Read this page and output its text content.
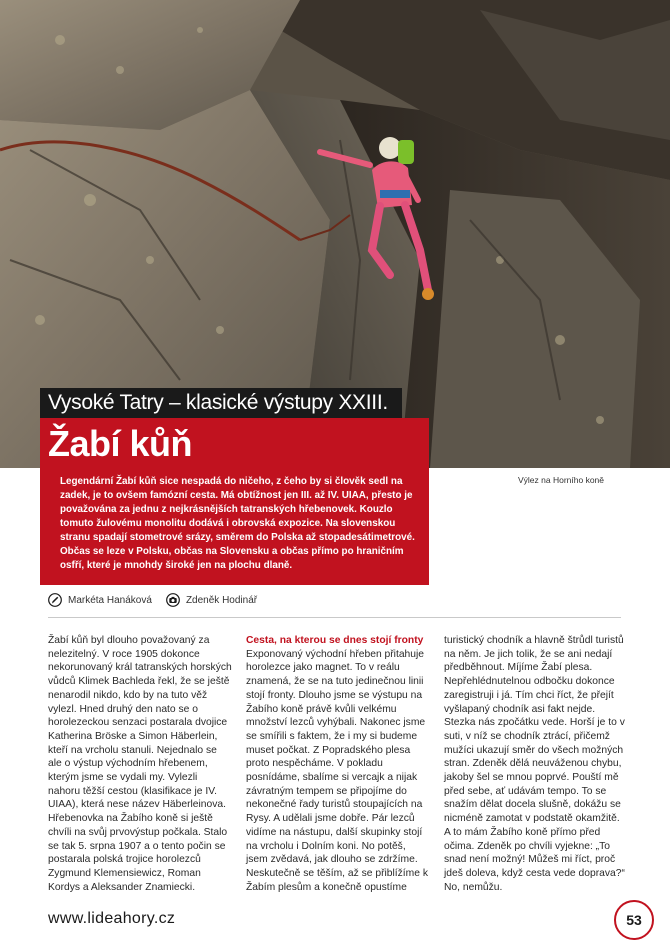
Vysoké Tatry – klasické výstupy XXIII.
Žabí kůň

Legendární Žabí kůň sice nespadá do ničeho, z čeho by si člověk sedl na zadek, je to ovšem famózní cesta. Má obtížnost jen III. až IV. UIAA, přesto je považována za jednu z nejkrásnějších tatranských hřebenovek. Kouzlo tomuto žulovému monolitu dodává i obrovská expozice. Na slovenskou stranu spadají stometrové srázy, směrem do Polska až stopadesátimetrové. Občas se leze v Polsku, občas na Slovensku a občas přímo po hraničním osfří, které je mnohdy široké jen na plochu dlaně.

Výlez na Horního koně
Markéta Hanáková	Zdeněk Hodinář

Žabí kůň byl dlouho považovaný za nelezitelný. V roce 1905 dokonce nekorunovaný král tatranských horských vůdců Klimek Bachleda řekl, že se ještě nenarodil nikdo, kdo by na tuto věž vylezl. Hned druhý den nato se o horolezeckou senzaci postarala dvojice Katherina Bröske a Simon Häberlein, kteří na vrcholu stanuli. Nejednalo se ale o výstup východním hřebenem, kterým jsme se vydali my. Vylezli nahoru těžší cestou (klasifikace je IV. UIAA), která nese název Häberleinova. Hřebenovka na Žabího koně si ještě chvíli na svůj prvovýstup počkala. Stalo se tak 5. srpna 1907 a o tento počin se postarala polská trojice horolezců Zygmund Klemensiewicz, Roman Kordys a Aleksander Znamiecki.

Cesta, na kterou se dnes stojí fronty

Exponovaný východní hřeben přitahuje horolezce jako magnet. To v reálu znamená, že se na tuto jedinečnou linii stojí fronty. Dlouho jsme se výstupu na Žabího koně právě kvůli velkému množství lezců vyhýbali. Nakonec jsme se smířili s faktem, že i my si budeme muset počkat. Z Popradského plesa proto nespěcháme. V pokladu posnídáme, sbalíme si vercajk a nijak závratným tempem se připojíme do nekonečné řady turistů stoupajících na Rysy. A udělali jsme dobře. Pár lezců vidíme na nástupu, další skupinky stojí na vrcholu i Dolním koni. No potěš, jsem zvědavá, jak dlouho se zdržíme. Neskutečně se těším, až se přiblížíme k Žabím plesům a konečně opustíme

turistický chodník a hlavně štrůdl turistů na něm. Je jich tolik, že se ani nedají předběhnout. Míjíme Žabí plesa. Nepřehlédnutelnou odbočku dokonce zaregistruji i já. Tím chci říct, že přejít vyšlapaný chodník asi fakt nejde. Stezka nás zpočátku vede. Horší je to v suti, v níž se chodník ztrácí, přičemž mužíci ukazují směr do všech možných stran. Zdeněk dělá neuváženou chybu, jakoby šel se mnou poprvé. Pouští mě před sebe, ať udávám tempo. To se snažím dělat docela slušně, dokážu se nicméně zamotat v podstatě okamžitě. A to mám Žabího koně přímo před očima. Zdeněk po chvíli vyjekne: „To snad není možný! Můžeš mi říct, proč jdeš doleva, když cesta vede doprava?“ No, nemůžu.

www.lideahory.cz	53
